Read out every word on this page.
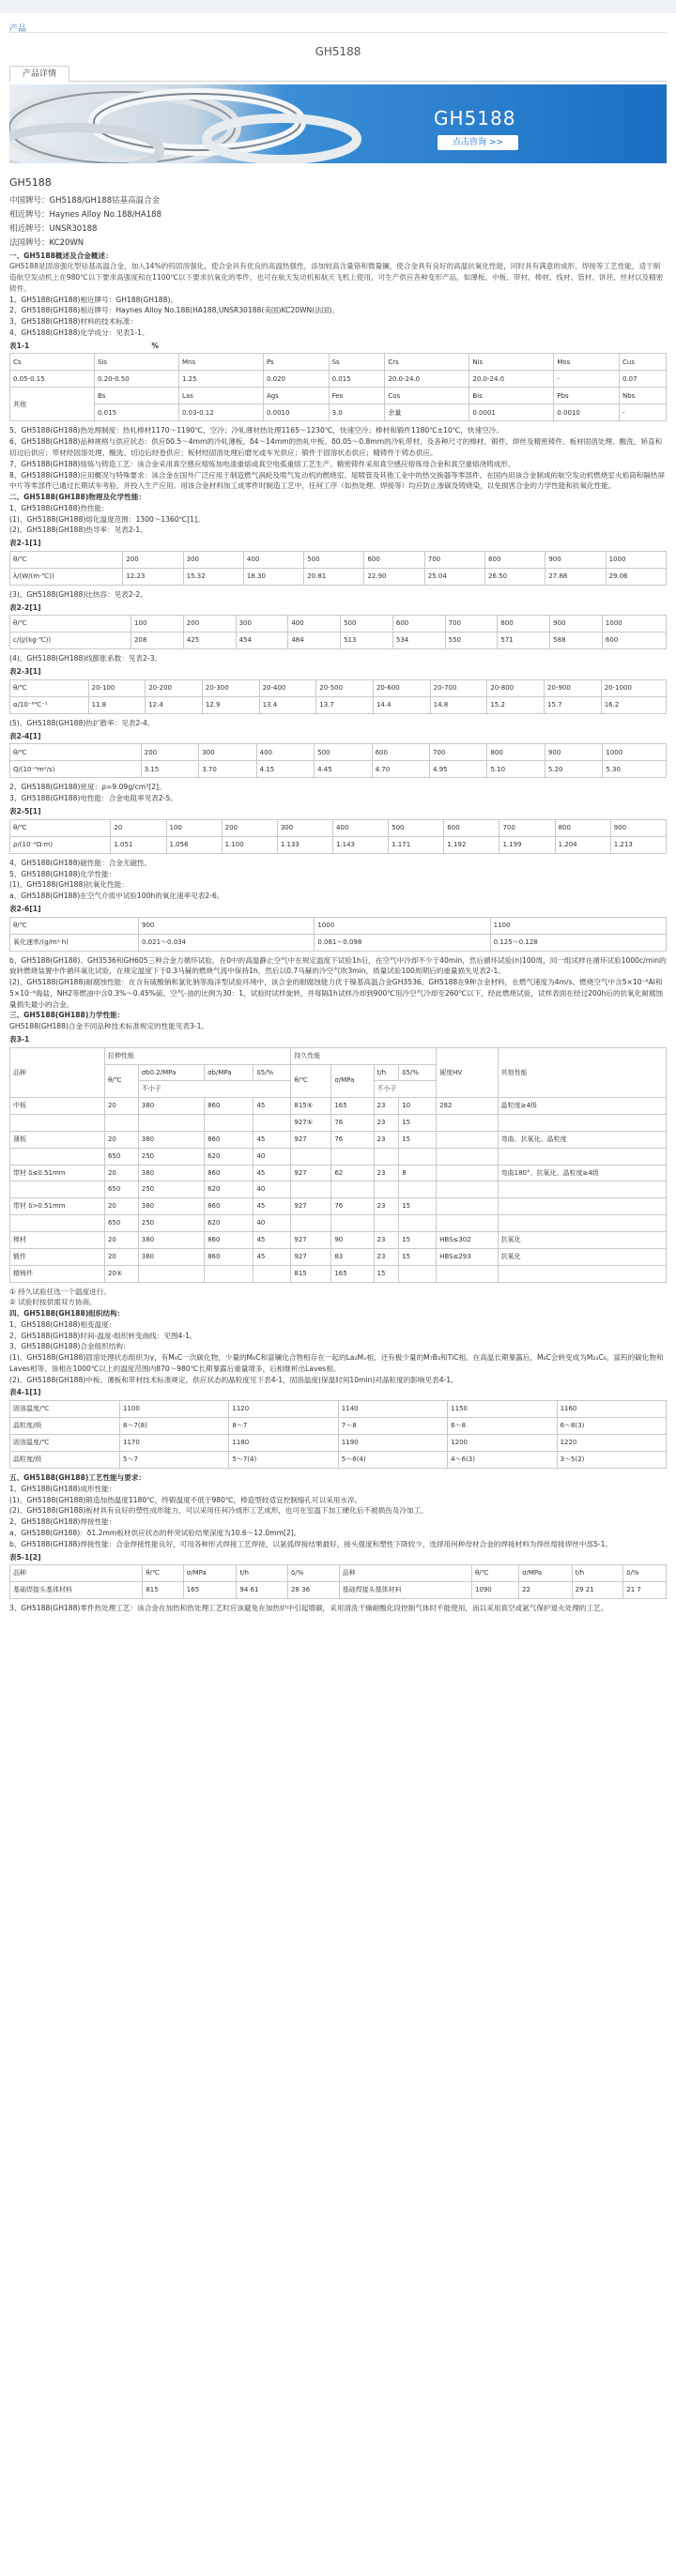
产品
GH5188
产品详情
GH5188
点击咨询 >>
GH5188

中国牌号：GH5188/GH188钴基高温合金

相近牌号：Haynes Alloy No.188/HA188

相近牌号：UNSR30188

法国牌号：KC20WN

一、GH5188概述及合金概述：

GH5188是固溶强化型钴基高温合金，加入14%的钨固溶强化，使合金具有优良的高温热强性，添加较高含量铬和微量镧，使合金具有良好的高温抗氧化性能，同时具有满意的成形、焊接等工艺性能，适于制造航空发动机上在980℃以下要求高强度和在1100℃以下要求抗氧化的零件，也可在航天发动机和航天飞机上使用，可生产供应各种变形产品，如薄板、中板、带材、棒材、线材、管材、饼坯、丝材以及精密铸件。

1、GH5188(GH188)相近牌号：GH188(GH188)。

2、GH5188(GH188)相近牌号：Haynes Alloy No.188(HA188,UNSR30188(美国)KC20WN(法国)。

3、GH5188(GH188)材料的技术标准：

4、GH5188(GH188)化学成分：见表1-1。

表1-1	%

Cs	Sis	Mns	Ps	Ss	Crs	Nis	Mos	Cus
0.05-0.15	0.20-0.50	1.25	0.020	0.015	20.0-24.0	20.0-24.0	-	0.07
其他	Bs	Las	Ags	Fes	Cos	Bis	Pbs	Nbs
	0.015	0.03-0.12	0.0010	3.0	余量	0.0001	0.0010	-

5、GH5188(GH188)热处理制度：热轧棒材1170～1190℃，空冷；冷轧薄材热处理1165～1230℃，快速空冷；棒材和锻件1180℃±10℃，快速空冷。

6、GH5188(GH188)品种规格与供应状态：供应δ0.5～4mm的冷轧薄板、δ4～14mm的热轧中板、δ0.05～0.8mm的冷轧带材、及各种尺寸的棒材、锻件、焊丝及精密铸件。板材固溶处理、酸洗、矫直和切边后供应；带材经固溶处理、酸洗、切边后经卷供应；板材经固溶处理后磨光或车光供应；锻件于固溶状态供应；精铸件于铸态供应。

7、GH5188(GH188)熔炼与铸造工艺：该合金采用真空感应熔炼加电渣重熔或真空电弧重熔工艺生产。精密铸件采用真空感应熔炼母合金和真空重熔浇铸成形。

8、GH5188(GH188)应用概况与特殊要求：该合金在国外广泛应用于制造燃气涡轮及喷气发动机的燃烧室、尾喷管及其他工业中的热交换器等零部件。在国内用该合金制成的航空发动机燃烧室火焰筒和隔热屏中片等零部件已通过长期试车考验，并投入生产应用。用该合金材料加工成零件时制造工艺中，任何工序（如热处理、焊接等）均应防止渗碳及铸烧染，以免损害合金的力学性能和抗氧化性能。

二、GH5188(GH188)物理及化学性能：

1、GH5188(GH188)热性能：

(1)、GH5188(GH188)熔化温度范围：1300～1360℃[1]。

(2)、GH5188(GH188)热导率：见表2-1。

表2-1[1]

θ/℃	200	300	400	500	600	700	800	900	1000
λ/(W/(m·℃))	12.23	15.32	18.30	20.81	22.90	25.04	26.50	27.88	29.06

(3)、GH5188(GH188)比热容：见表2-2。

表2-2[1]

θ/℃	100	200	300	400	500	600	700	800	900	1000
c/(J/(kg·℃))	208	425	454	484	513	534	550	571	588	600

(4)、GH5188(GH188)线膨胀系数：见表2-3。

表2-3[1]

θ/℃	20-100	20-200	20-300	20-400	20-500	20-600	20-700	20-800	20-900	20-1000
α/10⁻⁶℃⁻¹	11.8	12.4	12.9	13.4	13.7	14.4	14.8	15.2	15.7	16.2

(5)、GH5188(GH188)热扩散率：见表2-4。

表2-4[1]

θ/℃	200	300	400	500	600	700	800	900	1000
Q/(10⁻⁶m²/s)	3.15	3.70	4.15	4.45	4.70	4.95	5.10	5.20	5.30

2、GH5188(GH188)密度：ρ=9.09g/cm³[2]。

3、GH5188(GH188)电性能：合金电阻率见表2-5。

表2-5[1]

θ/℃	20	100	200	300	400	500	600	700	800	900
ρ/(10⁻⁶Ω·m)	1.051	1.056	1.100	1.133	1.143	1.171	1.192	1.199	1.204	1.213

4、GH5188(GH188)磁性能：合金无磁性。

5、GH5188(GH188)化学性能：

(1)、GH5188(GH188)抗氧化性能：

a、GH5188(GH188)在空气介质中试验100h的氧化速率见表2-6。

表2-6[1]

θ/℃	900	1000	1100
氧化速率/(g/m²·h)	0.021～0.034	0.081～0.098	0.125～0.128

b、GH5188(GH188)、GH3536和GH605三种合金力循环试验，在0中的高温静止空气中在规定温度下试验1h后，在空气中冷却不少于40min，然后循环试验(n)100周，同一组试样在循环试验1000c/min的旋转燃烧装置中作循环氧化试验，在规定温度下于0.3马赫的燃烧气流中保持1h，然后以0.7马赫的冷空气吹3min，质量试验100周期后的重量损失见表2-1。

(2)、GH5188(GH188)耐腐蚀性能：在含有硫酸钠和氯化钠等海洋型试验环境中，该合金的耐腐蚀能力优于镍基高温合金GH3536。GH5188在9种含金材料，在燃气速度为4m/s、燃烧空气中含5×10⁻⁶Al和5×10⁻⁶海盐，NH2等燃油中含0.3%～0.45%硫、空气-油的比例为30：1，试验时试样旋转，并每隔1h试样冷却到900℃用冷空气冷却至260℃以下，经此燃烧试验，试样表面在经过200h后的抗氧化耐腐蚀量损失最小的合金。

三、GH5188(GH188)力学性能：

GH5188(GH188)合金不同品种技术标准规定的性能见表3-1。

表3-1

品种	拉伸性能				持久性能				硬度HV	其他性能
	θ/℃	σb0.2/MPa	σb/MPa	δ5/%	θ/℃	σ/MPa	t/h	δ5/%		
		不小于					不小于			
中板	20	380	860	45	815⑤	165	23	10	282	晶粒度≥4级
					927⑤	76	23	15		
薄板	20	380	860	45	927	76	23	15		弯曲、抗氧化、晶粒度
	650	250	620	40						
带材 δ≤0.51mm	20	380	860	45	927	62	23	8		弯曲180°、抗氧化、晶粒度≥4级
	650	250	620	40						
带材 δ>0.51mm	20	380	860	45	927	76	23	15		
	650	250	620	40						
棒材	20	380	860	45	927	90	23	15	HBS≤302	抗氧化
锻件	20	380	860	45	927	83	23	15	HBS≤293	抗氧化
精铸件	20⑤				815	165	15			

① 持久试验任选一个温度进行。

② 试验时按供需双方协商。

四、GH5188(GH188)组织结构：

1、GH5188(GH188)相变温度：

2、GH5188(GH188)时间-温度-组织转变曲线：见图4-1。

3、GH5188(GH188)合金组织结构：

(1)、GH5188(GH188)固溶处理状态组织为γ，有M₆C一次碳化物，少量的M₆C和富镧化合物相存在一起的La₂Mₓ相，还有极少量的M₇B₃和TiC相。在高温长期暴露后，M₆C会转变成为M₂₃C₆，富钨的碳化物和Laves相等。该相在1000℃以上的温度范围内870～980℃长期暴露后重量增多，后相继析出Laves相。

(2)、GH5188(GH188)中板、薄板和带材技术标准规定，供应状态的晶粒度见下表4-1，固溶温度(保温时间10min)对晶粒度的影响见表4-1。

表4-1[1]

固溶温度/℃	1100	1120	1140	1150	1160
晶粒度/级	8～7(8)	8～7	7～8	6～8	6～8(3)
固溶温度/℃	1170	1180	1190	1200	1220
晶粒度/级	5～7	5～7(4)	5～6(4)	4～6(3)	3～5(2)

五、GH5188(GH188)工艺性能与要求：

1、GH5188(GH188)成形性能：

(1)、GH5188(GH188)锻造加热温度1180℃，终锻温度不低于980℃，棒造型较适宜控制缩孔可以采用水淬。

(2)、GH5188(GH188)板材具有良好的塑性成形能力，可以采用任何冷成形工艺成形，也可在室温下加工硬化后不被损伤及冷加工。

2、GH5188(GH188)焊接性能：

a、GH5188(GH188)：δ1.2mm板材供应状态的杯突试验结果深度为10.6～12.0mm[2]。

b、GH5188(GH188)焊接性能：合金焊接性能良好，可用各种形式焊接工艺焊接，以氩弧焊接结果最好，接头强度和塑性下降较少，选择用何种母材合金的焊接材料为焊丝熔接焊丝中部5-1。

表5-1[2]

品种	θ/℃	σ/MPa	t/h	δ/%	品种	θ/℃	σ/MPa	t/h	δ/%
基础焊接头基体材料	815	165	94 61	28 36	基础焊接头基体材料	1090	22	29 21	21 7

3、GH5188(GH188)零件热处理工艺：该合金在加热和热处理工艺时应该避免在加热炉中引起增碳，采用清洗干燥耐酸化段控制气体时不能使用，而以采用真空或氩气保护退火处理的工艺。
